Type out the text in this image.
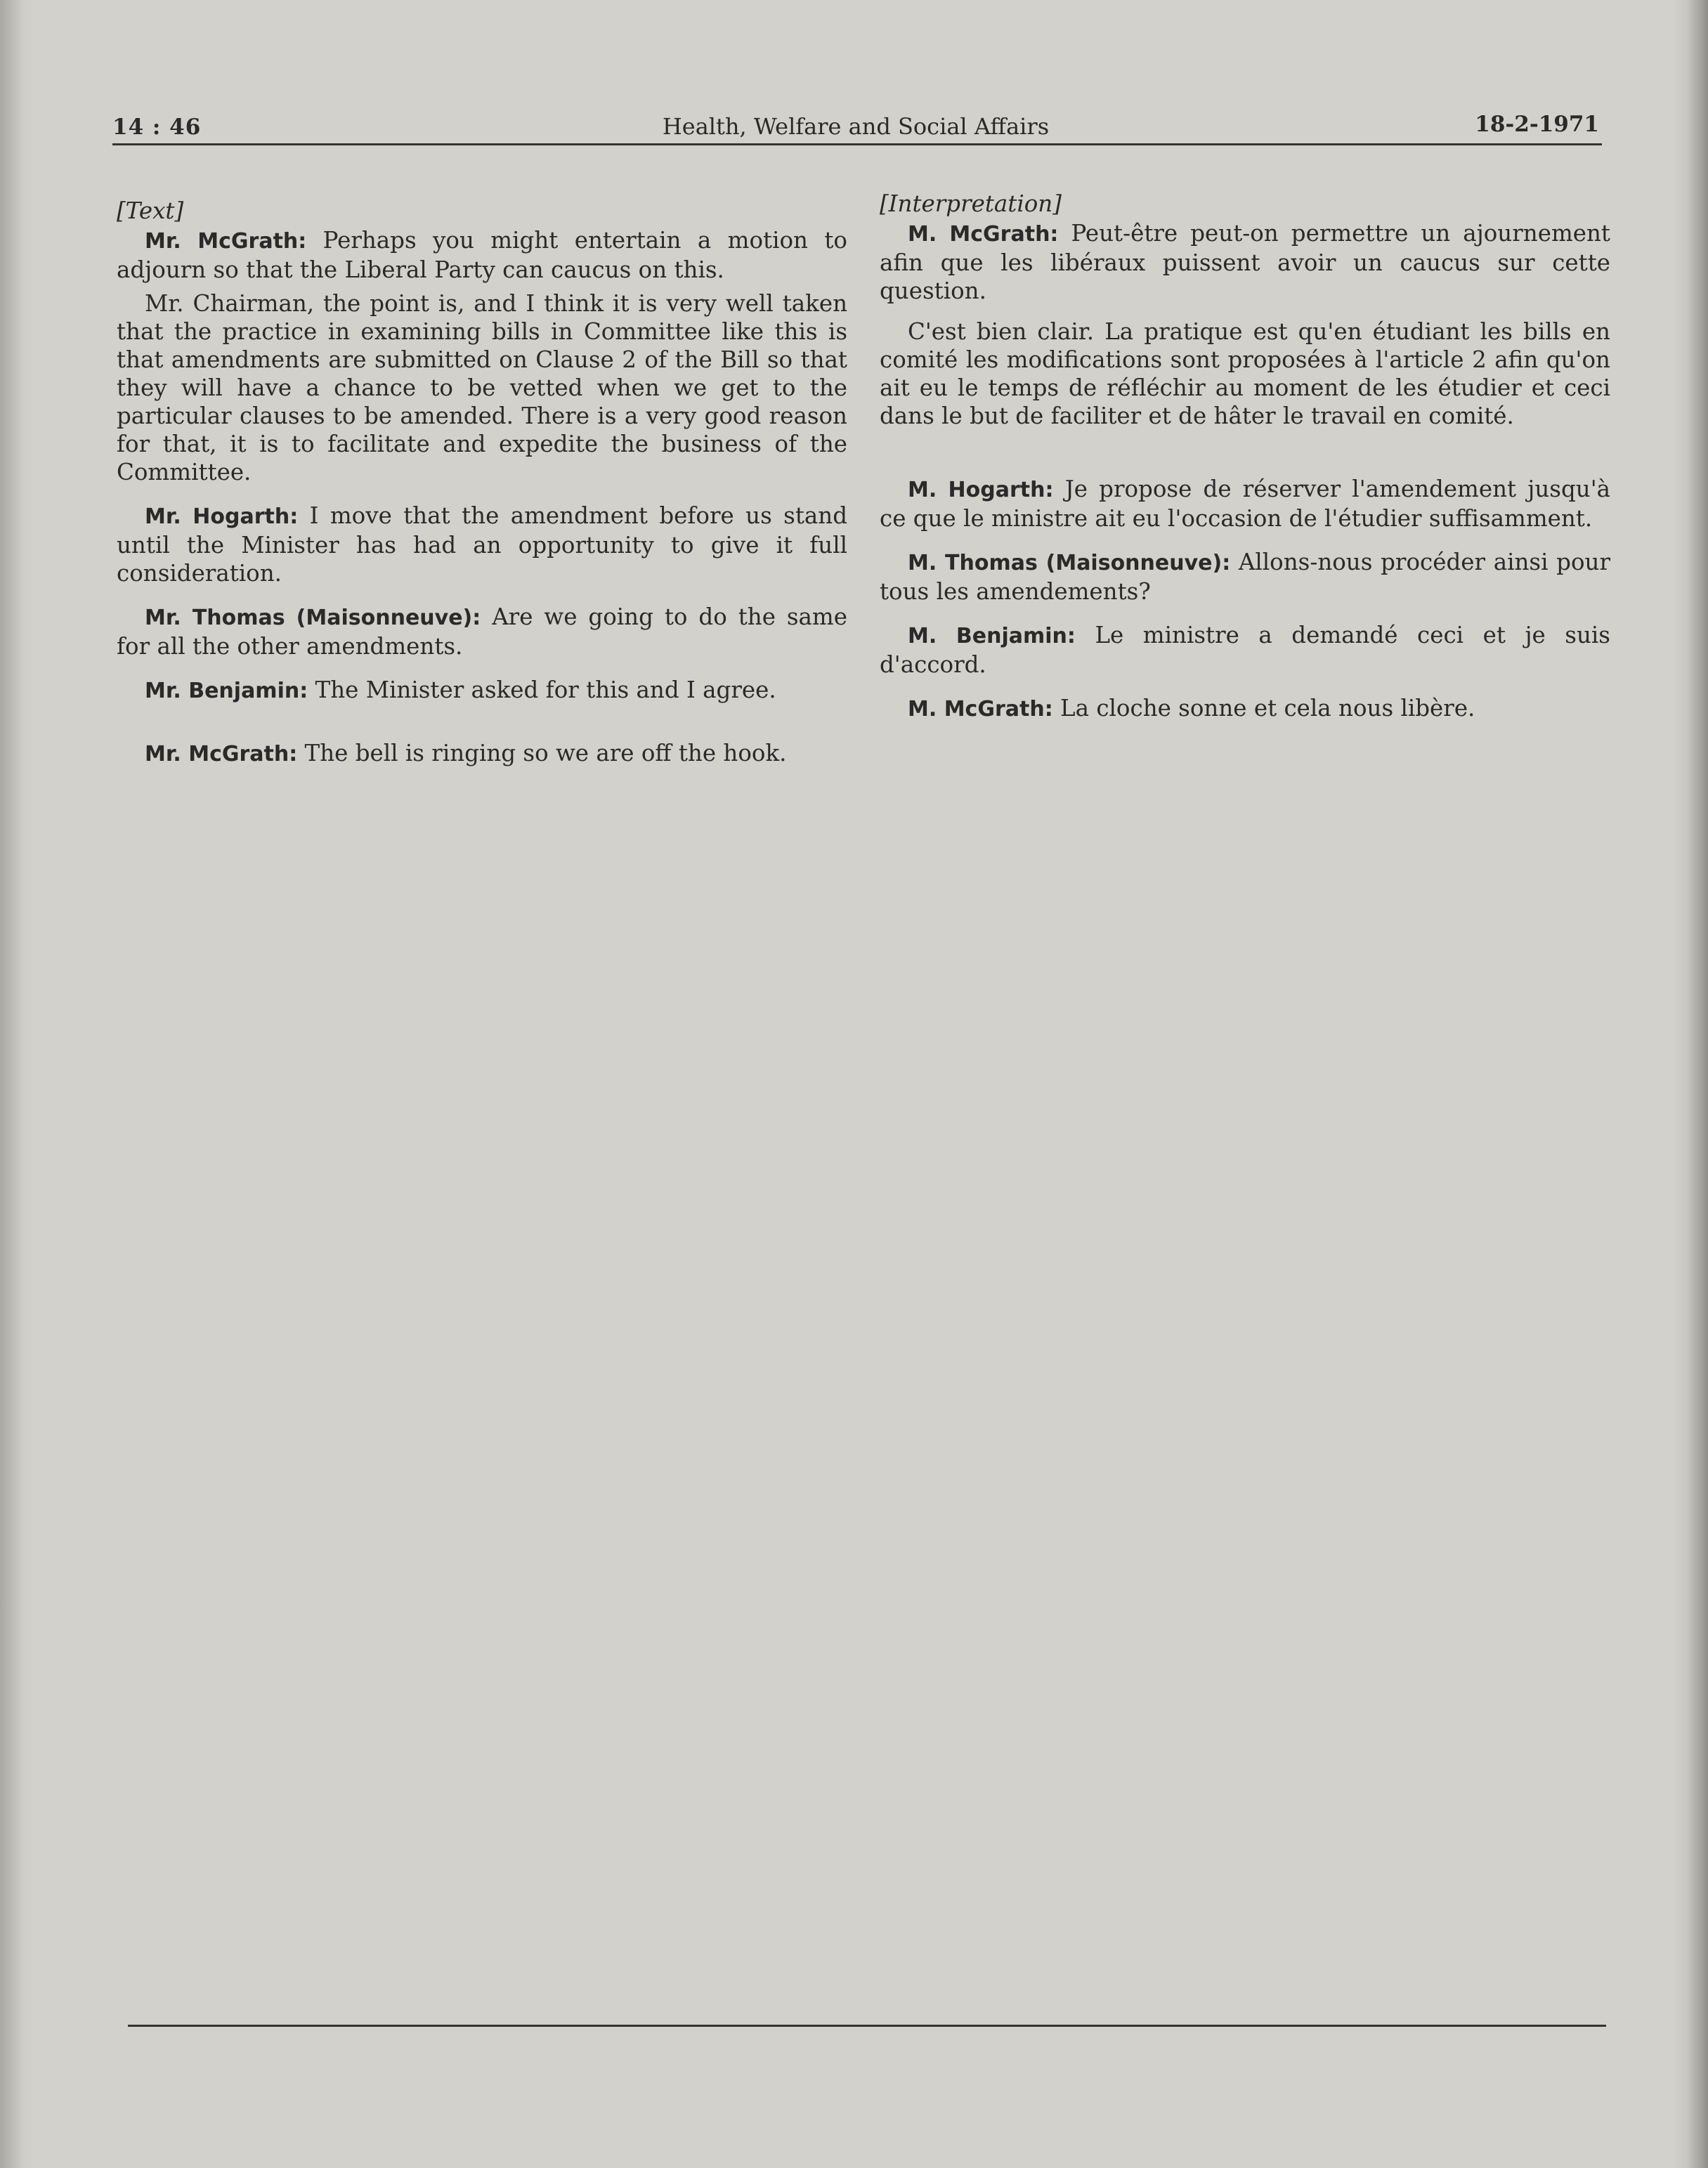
14 : 46	Health, Welfare and Social Affairs	18-2-1971
[Text]

Mr. McGrath: Perhaps you might entertain a motion to adjourn so that the Liberal Party can caucus on this.

Mr. Chairman, the point is, and I think it is very well taken that the practice in examining bills in Committee like this is that amendments are submitted on Clause 2 of the Bill so that they will have a chance to be vetted when we get to the particular clauses to be amended. There is a very good reason for that, it is to facilitate and expedite the business of the Committee.

Mr. Hogarth: I move that the amendment before us stand until the Minister has had an opportunity to give it full consideration.

Mr. Thomas (Maisonneuve): Are we going to do the same for all the other amendments.

Mr. Benjamin: The Minister asked for this and I agree.

Mr. McGrath: The bell is ringing so we are off the hook.

[Interpretation]

M. McGrath: Peut-être peut-on permettre un ajournement afin que les libéraux puissent avoir un caucus sur cette question.

C'est bien clair. La pratique est qu'en étudiant les bills en comité les modifications sont proposées à l'article 2 afin qu'on ait eu le temps de réfléchir au moment de les étudier et ceci dans le but de faciliter et de hâter le travail en comité.

M. Hogarth: Je propose de réserver l'amendement jusqu'à ce que le ministre ait eu l'occasion de l'étudier suffisamment.

M. Thomas (Maisonneuve): Allons-nous procéder ainsi pour tous les amendements?

M. Benjamin: Le ministre a demandé ceci et je suis d'accord.

M. McGrath: La cloche sonne et cela nous libère.
